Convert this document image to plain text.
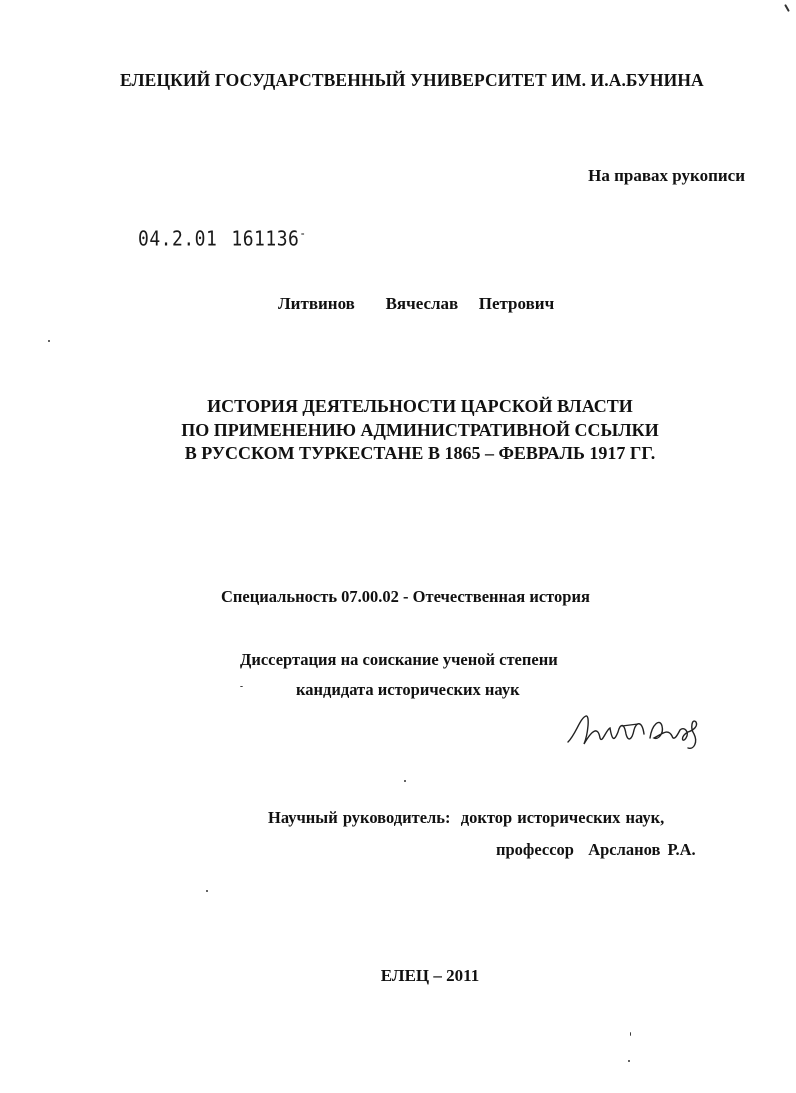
ЕЛЕЦКИЙ ГОСУДАРСТВЕННЫЙ УНИВЕРСИТЕТ ИМ. И.А.БУНИНА
На правах рукописи
04.2.01 161136-
Литвинов   Вячеслав  Петрович
ИСТОРИЯ ДЕЯТЕЛЬНОСТИ ЦАРСКОЙ ВЛАСТИ
ПО ПРИМЕНЕНИЮ АДМИНИСТРАТИВНОЙ ССЫЛКИ
В РУССКОМ ТУРКЕСТАНЕ В 1865 – ФЕВРАЛЬ 1917 ГГ.
Специальность 07.00.02 - Отечественная история
Диссертация на соискание ученой степени
кандидата исторических наук
Научный руководитель:  доктор исторических наук,
профессор  Арсланов Р.А.
ЕЛЕЦ – 2011
